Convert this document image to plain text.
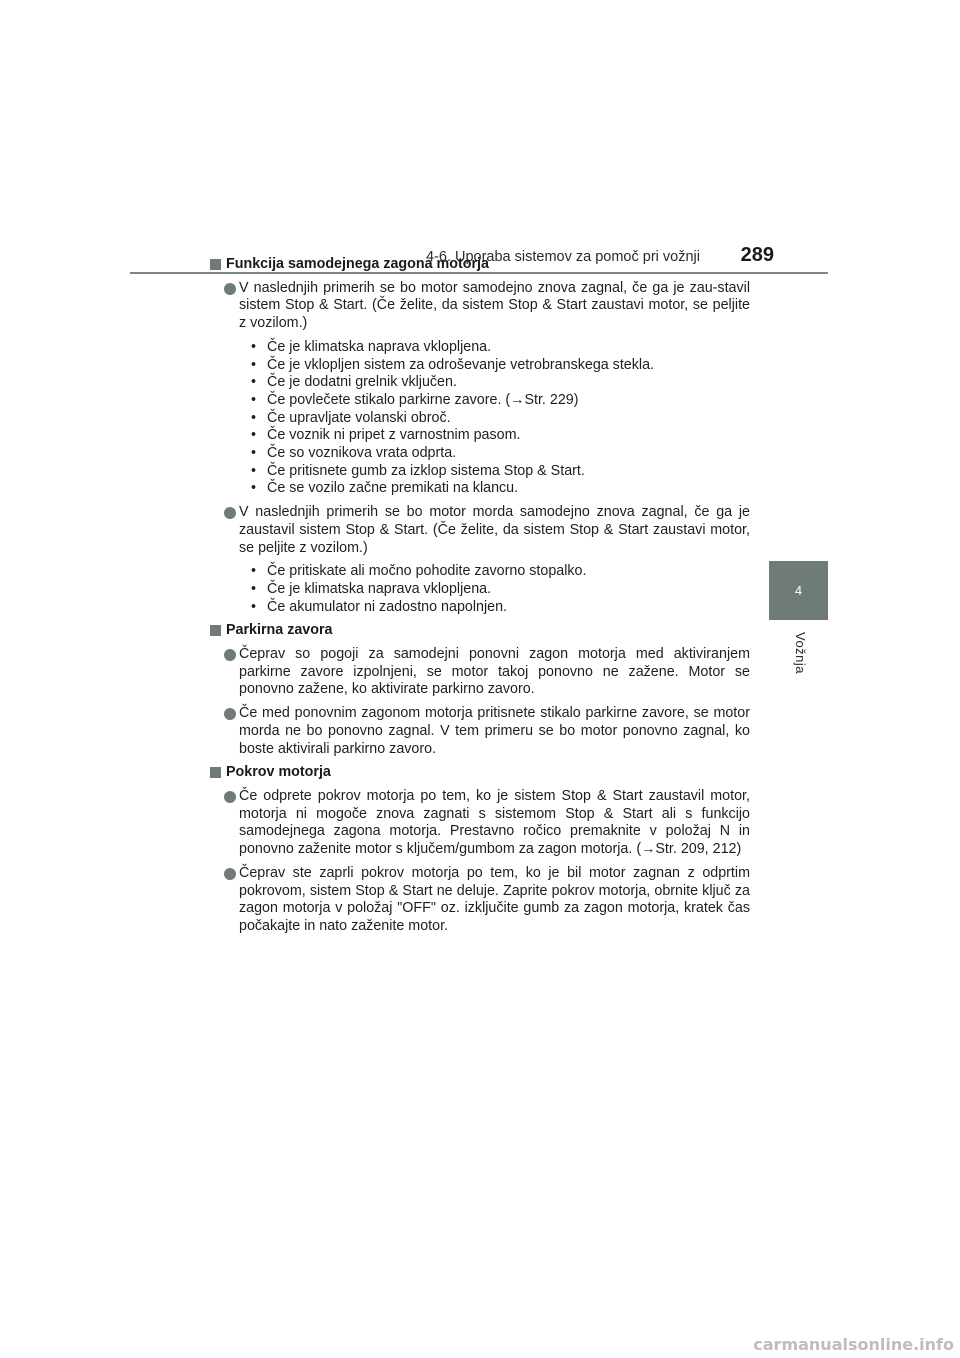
4-6. Uporaba sistemov za pomoč pri vožnji 289
4
Vožnja
Funkcija samodejnega zagona motorja
V naslednjih primerih se bo motor samodejno znova zagnal, če ga je zau-stavil sistem Stop & Start. (Če želite, da sistem Stop & Start zaustavi motor, se peljite z vozilom.)
• Če je klimatska naprava vklopljena.
• Če je vklopljen sistem za odroševanje vetrobranskega stekla.
• Če je dodatni grelnik vključen.
• Če povlečete stikalo parkirne zavore. (→Str. 229)
• Če upravljate volanski obroč.
• Če voznik ni pripet z varnostnim pasom.
• Če so voznikova vrata odprta.
• Če pritisnete gumb za izklop sistema Stop & Start.
• Če se vozilo začne premikati na klancu.
V naslednjih primerih se bo motor morda samodejno znova zagnal, če ga je zaustavil sistem Stop & Start. (Če želite, da sistem Stop & Start zaustavi motor, se peljite z vozilom.)
• Če pritiskate ali močno pohodite zavorno stopalko.
• Če je klimatska naprava vklopljena.
• Če akumulator ni zadostno napolnjen.
Parkirna zavora
Čeprav so pogoji za samodejni ponovni zagon motorja med aktiviranjem parkirne zavore izpolnjeni, se motor takoj ponovno ne zažene. Motor se ponovno zažene, ko aktivirate parkirno zavoro.
Če med ponovnim zagonom motorja pritisnete stikalo parkirne zavore, se motor morda ne bo ponovno zagnal. V tem primeru se bo motor ponovno zagnal, ko boste aktivirali parkirno zavoro.
Pokrov motorja
Če odprete pokrov motorja po tem, ko je sistem Stop & Start zaustavil motor, motorja ni mogoče znova zagnati s sistemom Stop & Start ali s funkcijo samodejnega zagona motorja. Prestavno ročico premaknite v položaj N in ponovno zaženite motor s ključem/gumbom za zagon motorja. (→Str. 209, 212)
Čeprav ste zaprli pokrov motorja po tem, ko je bil motor zagnan z odprtim pokrovom, sistem Stop & Start ne deluje. Zaprite pokrov motorja, obrnite ključ za zagon motorja v položaj "OFF" oz. izključite gumb za zagon motorja, kratek čas počakajte in nato zaženite motor.
carmanualsonline.info
